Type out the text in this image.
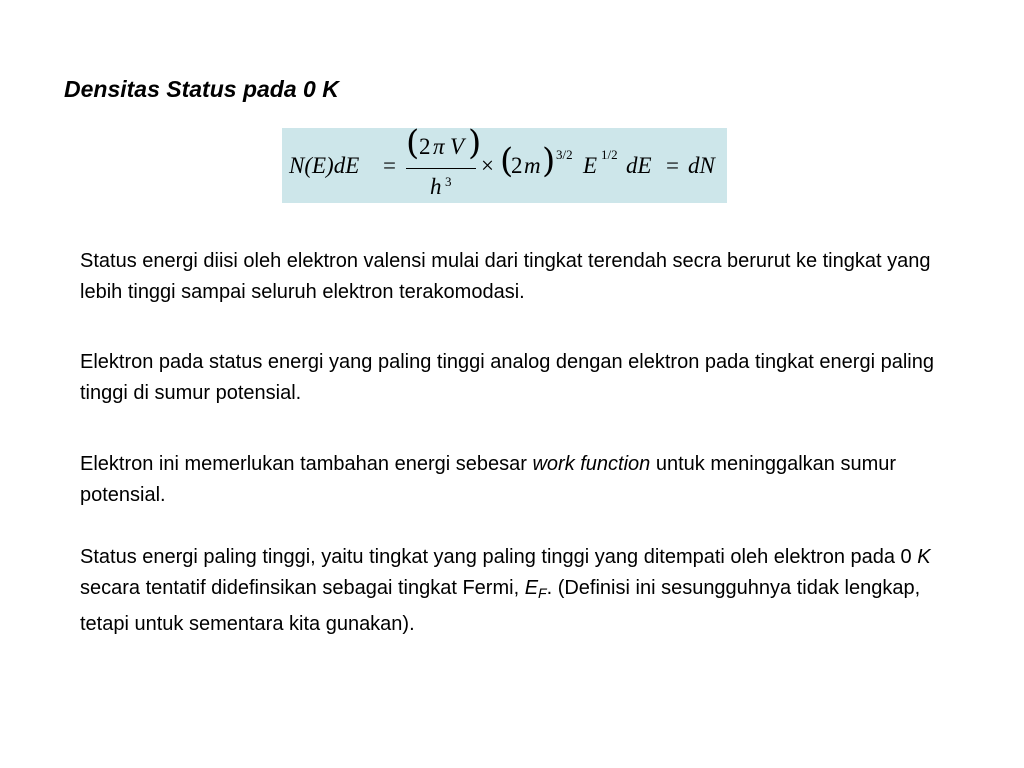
Densitas Status pada 0 K
N(E)dE =
( 2 π V )
h 3
× (
2 m ) 3/2 E 1/2 dE = dN
Status energi diisi oleh elektron valensi mulai dari tingkat terendah secra berurut ke tingkat yang lebih tinggi sampai seluruh elektron terakomodasi.
Elektron pada status energi yang paling tinggi analog dengan elektron pada tingkat energi paling tinggi di sumur potensial.
Elektron ini memerlukan tambahan energi sebesar work function untuk meninggalkan sumur potensial.
Status energi paling tinggi, yaitu tingkat yang paling tinggi yang ditempati oleh elektron pada 0 K secara tentatif didefinsikan sebagai tingkat Fermi, $E_F$. (Definisi ini sesungguhnya tidak lengkap, tetapi untuk sementara kita gunakan).
